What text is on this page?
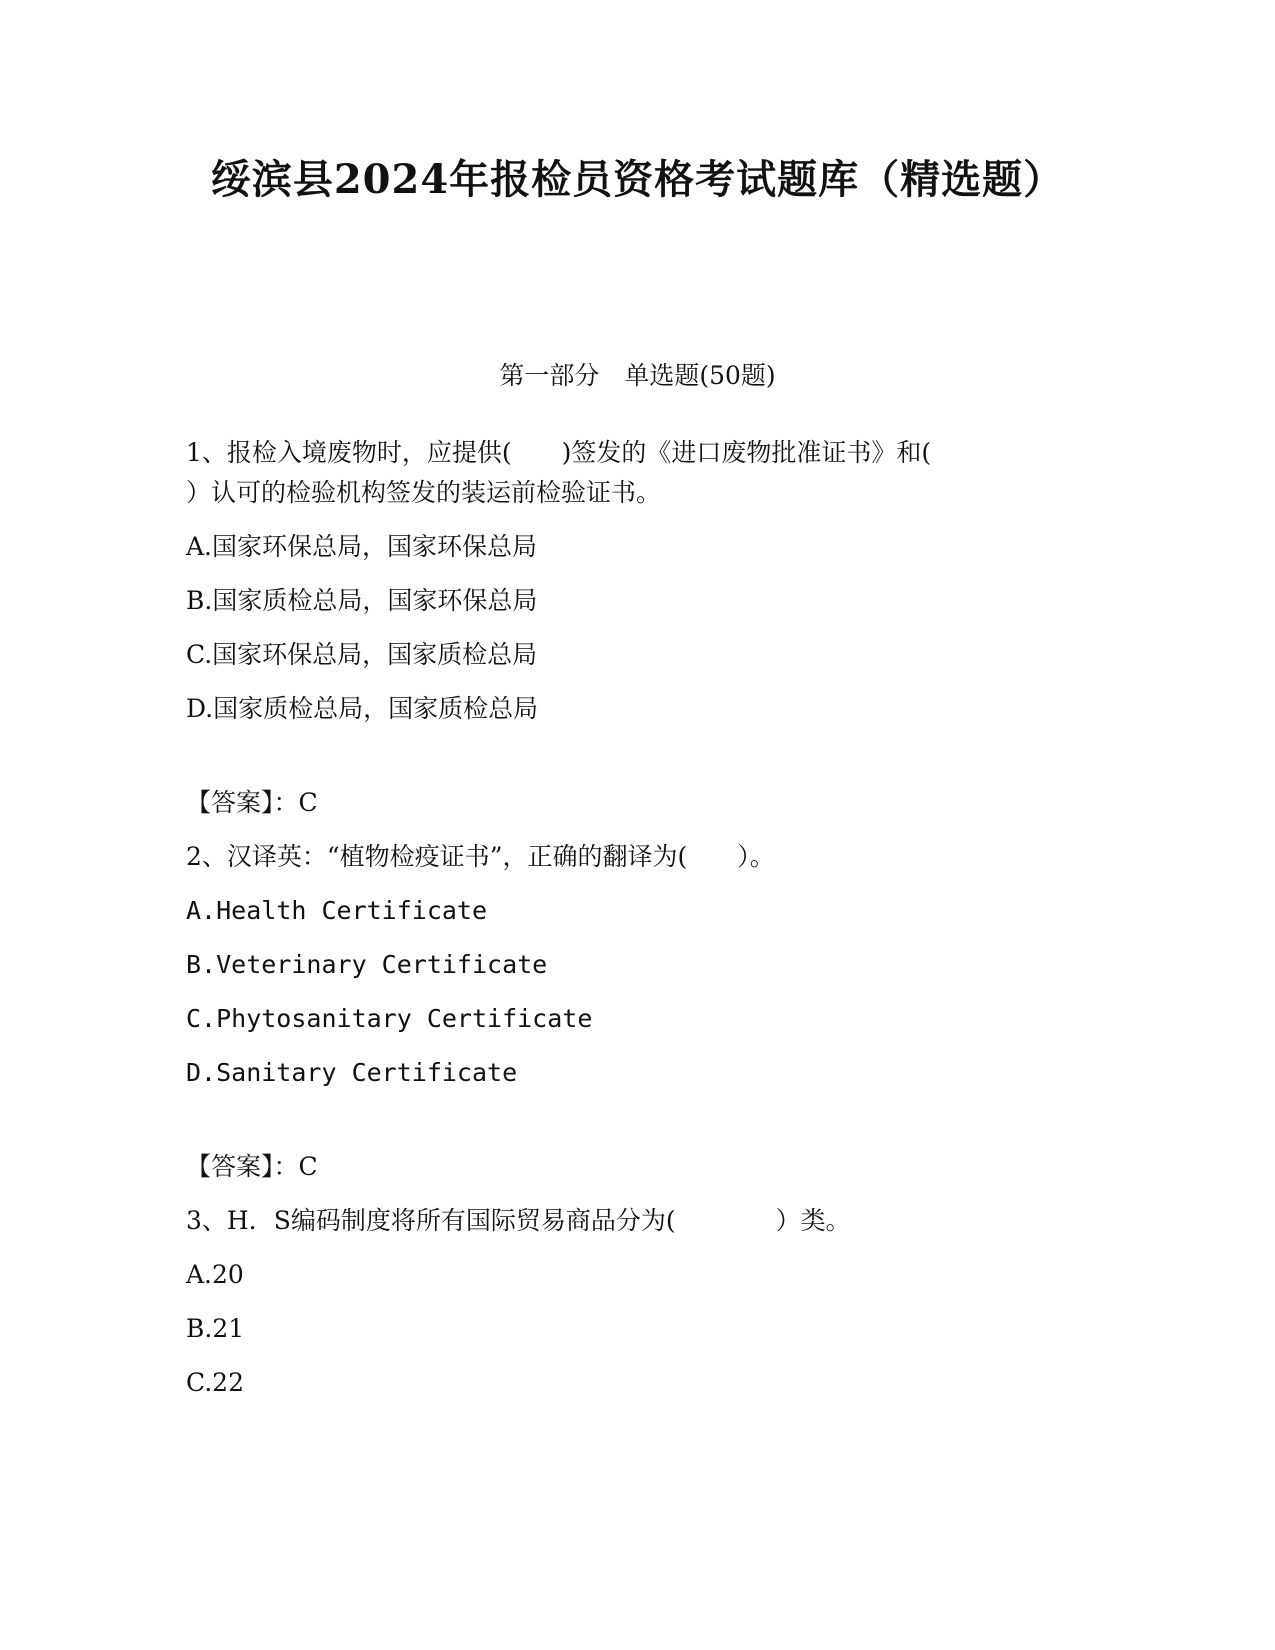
绥滨县2024年报检员资格考试题库（精选题）
第一部分　单选题(50题)
1、报检入境废物时，应提供(　　)签发的《进口废物批准证书》和(
）认可的检验机构签发的装运前检验证书。
A.国家环保总局，国家环保总局
B.国家质检总局，国家环保总局
C.国家环保总局，国家质检总局
D.国家质检总局，国家质检总局
【答案】：C
2、汉译英：“植物检疫证书”，正确的翻译为(　　）。
A.Health Certificate
B.Veterinary Certificate
C.Phytosanitary Certificate
D.Sanitary Certificate
【答案】：C
3、H．S编码制度将所有国际贸易商品分为(　　　　）类。
A.20
B.21
C.22
